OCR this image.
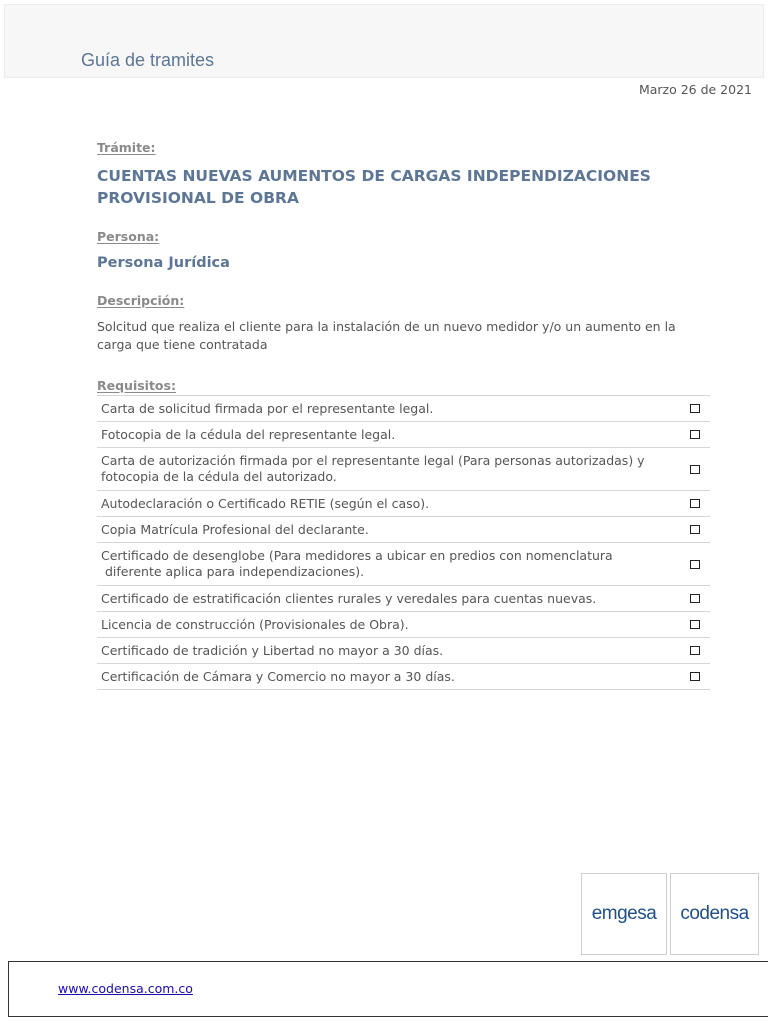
Guía de tramites
Marzo 26 de 2021
Trámite:
CUENTAS NUEVAS AUMENTOS DE CARGAS INDEPENDIZACIONES PROVISIONAL DE OBRA
Persona:
Persona Jurídica
Descripción:
Solcitud que realiza el cliente para la instalación de un nuevo medidor y/o un aumento en la carga que tiene contratada
Requisitos:
Carta de solicitud firmada por el representante legal.
Fotocopia de la cédula del representante legal.
Carta de autorización firmada por el representante legal (Para personas autorizadas) y fotocopia de la cédula del autorizado.
Autodeclaración o Certificado RETIE (según el caso).
Copia Matrícula Profesional del declarante.
Certificado de desenglobe (Para medidores a ubicar en predios con nomenclatura
diferente aplica para independizaciones).
Certificado de estratificación clientes rurales y veredales para cuentas nuevas.
Licencia de construcción (Provisionales de Obra).
Certificado de tradición y Libertad no mayor a 30 días.
Certificación de Cámara y Comercio no mayor a 30 días.
emgesa codensa
www.codensa.com.co
